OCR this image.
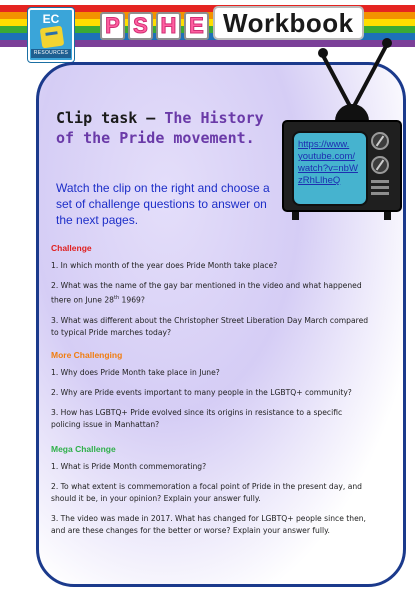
EC
RESOURCES
P S H E Workbook
https://www.
youtube.com/
watch?v=nbW
zRhLlheQ
Clip task – The History of the Pride movement.
Watch the clip on the right and choose a set of challenge questions to answer on the next pages.
Challenge
1. In which month of the year does Pride Month take place?
2. What was the name of the gay bar mentioned in the video and what happened there on June 28th 1969?
3. What was different about the Christopher Street Liberation Day March compared to typical Pride marches today?
More Challenging
1. Why does Pride Month take place in June?
2. Why are Pride events important to many people in the LGBTQ+ community?
3. How has LGBTQ+ Pride evolved since its origins in resistance to a specific policing issue in Manhattan?
Mega Challenge
1. What is Pride Month commemorating?
2. To what extent is commemoration a focal point of Pride in the present day, and should it be, in your opinion? Explain your answer fully.
3. The video was made in 2017. What has changed for LGBTQ+ people since then, and are these changes for the better or worse? Explain your answer fully.
